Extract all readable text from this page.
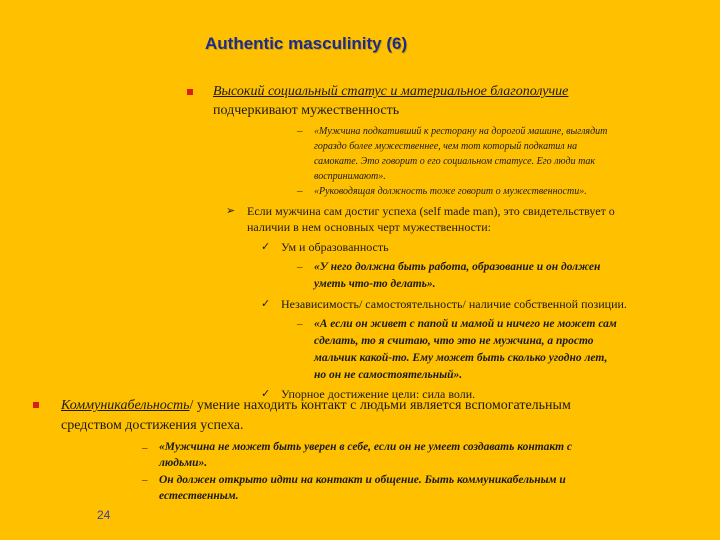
Authentic masculinity (6)
Высокий социальный статус и материальное благополучие
подчеркивают мужественность
– «Мужчина подкативший к ресторану на дорогой машине, выглядит
гораздо более мужественнее, чем тот который подкатил на
самокате. Это говорит о его социальном статусе. Его люди так
воспринимают».
– «Руководящая должность тоже говорит о мужественности».
➢ Если мужчина сам достиг успеха (self made man), это свидетельствует о
наличии в нем основных черт мужественности:
✓ Ум и образованность
– «У него должна быть работа, образование и он должен
уметь что-то делать».
✓ Независимость/ самостоятельность/ наличие собственной позиции.
– «А если он живет с папой и мамой и ничего не может сам
сделать, то я считаю, что это не мужчина, а просто
мальчик какой-то. Ему может быть сколько угодно лет,
но он не самостоятельный».
✓ Упорное достижение цели: сила воли.
Коммуникабельность/ умение находить контакт с людьми является вспомогательным
средством достижения успеха.
– «Мужчина не может быть уверен в себе, если он не умеет создавать контакт с
людьми».
– Он должен открыто идти на контакт и общение. Быть коммуникабельным и
естественным.
24
